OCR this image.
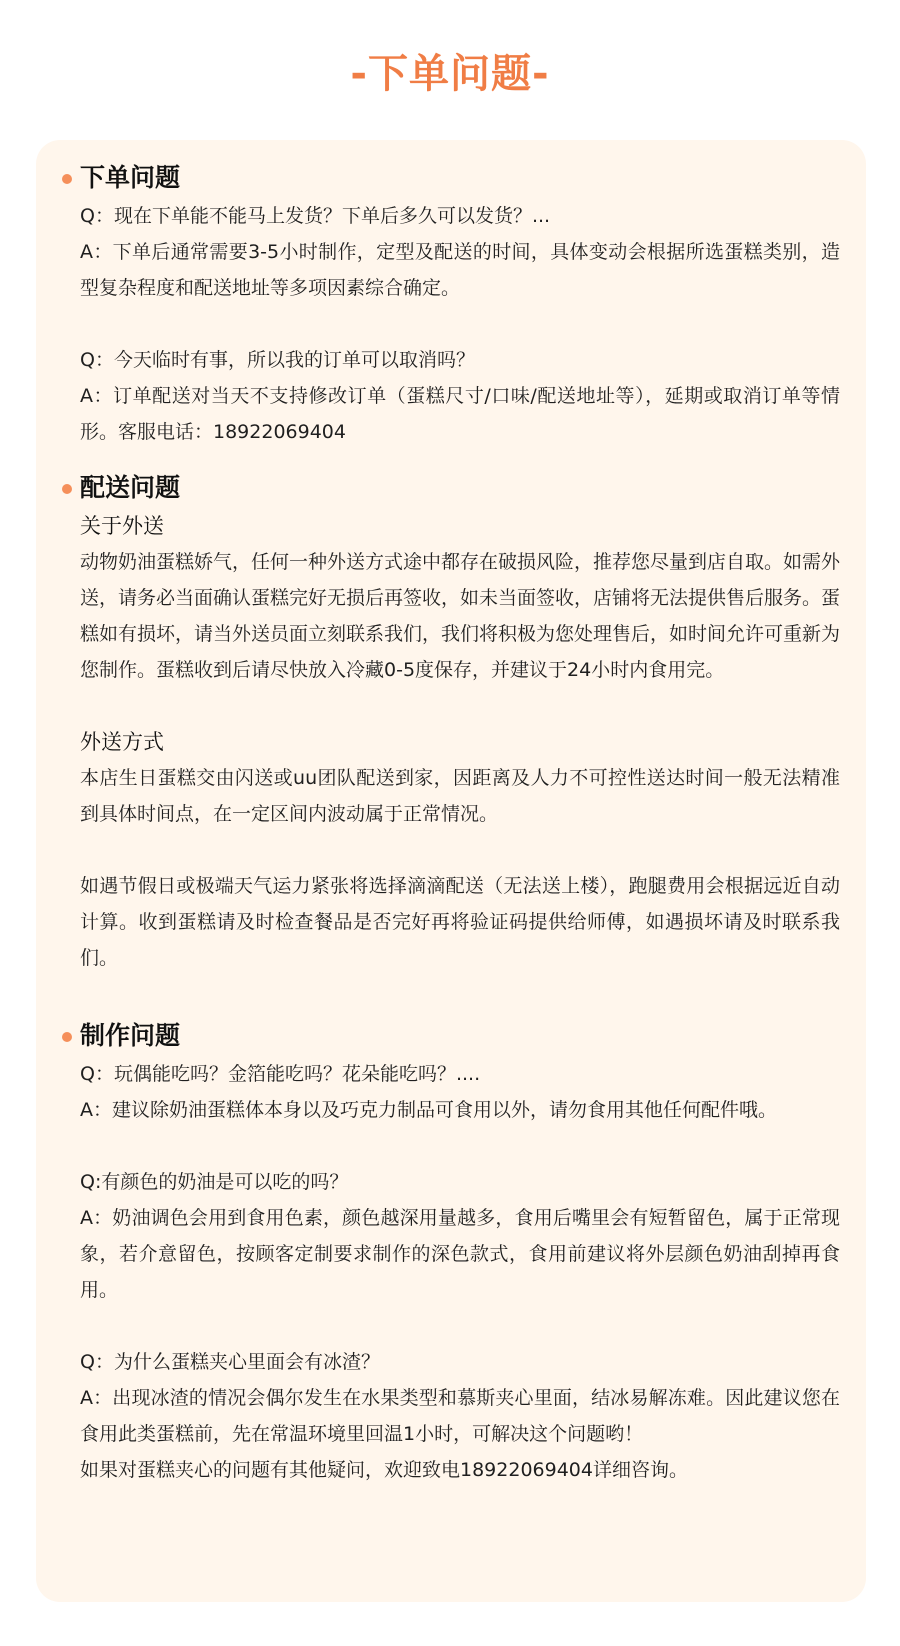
-下单问题-
下单问题
Q：现在下单能不能马上发货？下单后多久可以发货？...
A：下单后通常需要3-5小时制作，定型及配送的时间，具体变动会根据所选蛋糕类别，造型复杂程度和配送地址等多项因素综合确定。
Q：今天临时有事，所以我的订单可以取消吗？
A：订单配送对当天不支持修改订单（蛋糕尺寸/口味/配送地址等），延期或取消订单等情形。客服电话：18922069404
配送问题
关于外送
动物奶油蛋糕娇气，任何一种外送方式途中都存在破损风险，推荐您尽量到店自取。如需外送，请务必当面确认蛋糕完好无损后再签收，如未当面签收，店铺将无法提供售后服务。蛋糕如有损坏，请当外送员面立刻联系我们，我们将积极为您处理售后，如时间允许可重新为您制作。蛋糕收到后请尽快放入冷藏0-5度保存，并建议于24小时内食用完。
外送方式
本店生日蛋糕交由闪送或uu团队配送到家，因距离及人力不可控性送达时间一般无法精准到具体时间点，在一定区间内波动属于正常情况。
如遇节假日或极端天气运力紧张将选择滴滴配送（无法送上楼），跑腿费用会根据远近自动计算。收到蛋糕请及时检查餐品是否完好再将验证码提供给师傅，如遇损坏请及时联系我们。
制作问题
Q：玩偶能吃吗？金箔能吃吗？花朵能吃吗？....
A：建议除奶油蛋糕体本身以及巧克力制品可食用以外，请勿食用其他任何配件哦。
Q:有颜色的奶油是可以吃的吗？
A：奶油调色会用到食用色素，颜色越深用量越多，食用后嘴里会有短暂留色，属于正常现象，若介意留色，按顾客定制要求制作的深色款式，食用前建议将外层颜色奶油刮掉再食用。
Q：为什么蛋糕夹心里面会有冰渣？
A：出现冰渣的情况会偶尔发生在水果类型和慕斯夹心里面，结冰易解冻难。因此建议您在食用此类蛋糕前，先在常温环境里回温1小时，可解决这个问题哟！
如果对蛋糕夹心的问题有其他疑问，欢迎致电18922069404详细咨询。
